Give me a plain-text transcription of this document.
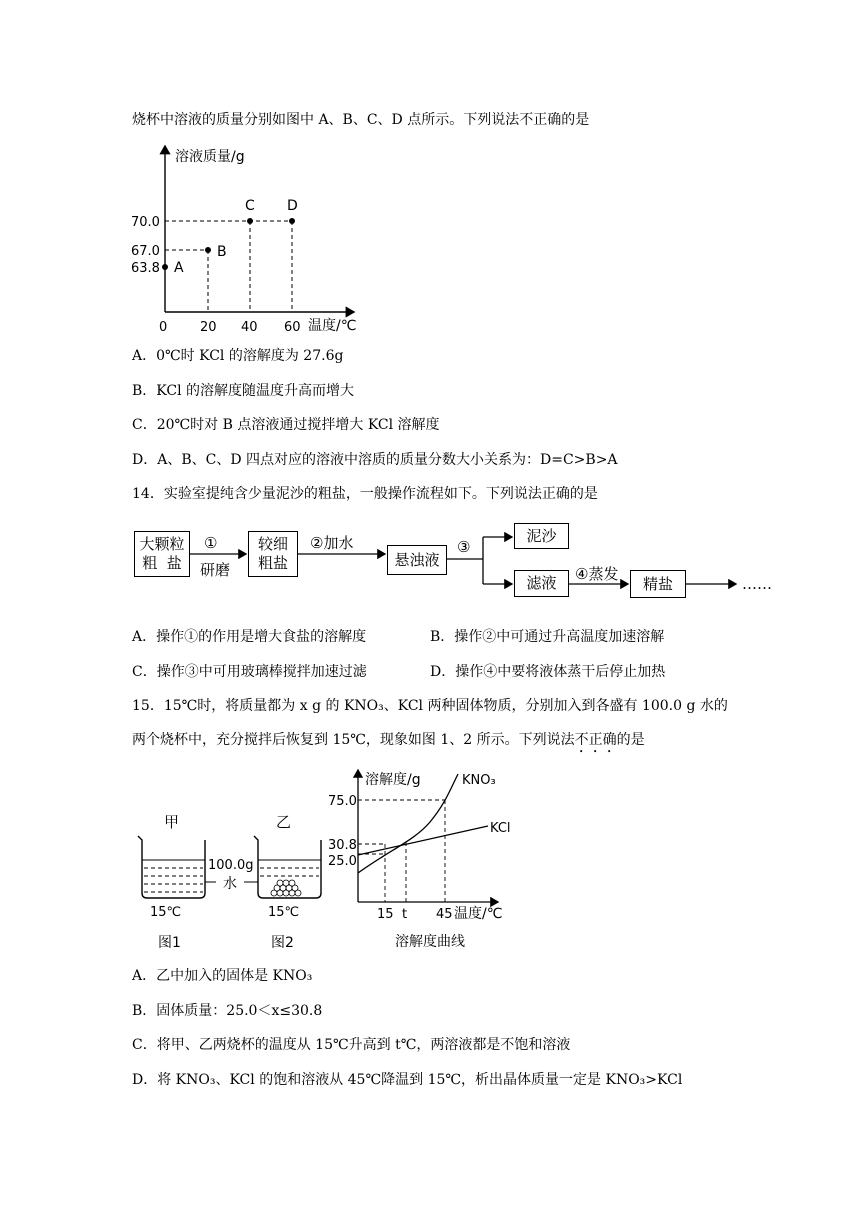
烧杯中溶液的质量分别如图中 A、B、C、D 点所示。下列说法不正确的是
溶液质量/g
温度/℃
0	20 40 60
70.0
67.0
63.8 A
B
C D
A．0℃时 KCl 的溶解度为 27.6g
B．KCl 的溶解度随温度升高而增大
C．20℃时对 B 点溶液通过搅拌增大 KCl 溶解度
D．A、B、C、D 四点对应的溶液中溶质的质量分数大小关系为：D=C>B>A
14．实验室提纯含少量泥沙的粗盐，一般操作流程如下。下列说法正确的是
大颗粒
粗  盐
较细
粗盐	悬浊液
泥沙
滤液	精盐
①
研磨
②加水	③
④蒸发
……
A．操作①的作用是增大食盐的溶解度	B．操作②中可通过升高温度加速溶解
C．操作③中可用玻璃棒搅拌加速过滤	D．操作④中要将液体蒸干后停止加热
15．15℃时，将质量都为 x g 的 KNO₃、KCl 两种固体物质，分别加入到各盛有 100.0 g 水的
两个烧杯中，充分搅拌后恢复到 15℃，现象如图 1、2 所示。下列说法不正确的是
甲	乙
100.0g
水
15℃	15℃
图1	图2
溶解度/g
温度/℃
75.0
30.8
25.0
15 t 45
KNO₃
KCl
溶解度曲线
A．乙中加入的固体是 KNO₃
B．固体质量：25.0＜x≤30.8
C．将甲、乙两烧杯的温度从 15℃升高到 t℃，两溶液都是不饱和溶液
D．将 KNO₃、KCl 的饱和溶液从 45℃降温到 15℃，析出晶体质量一定是 KNO₃>KCl
